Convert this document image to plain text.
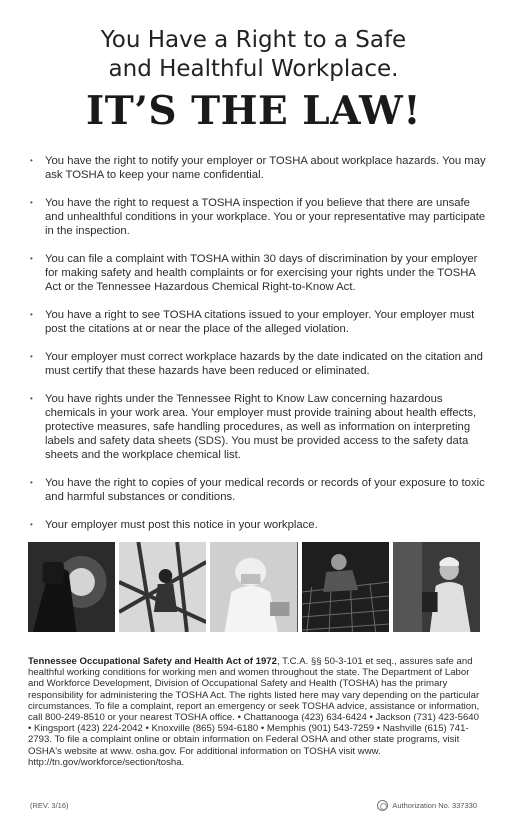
You Have a Right to a Safe
and Healthful Workplace.
IT’S THE LAW!
• You have the right to notify your employer or TOSHA about workplace hazards. You may ask TOSHA to keep your name confidential.
• You have the right to request a TOSHA inspection if you believe that there are unsafe and unhealthful conditions in your workplace. You or your representative may participate in the inspection.
• You can file a complaint with TOSHA within 30 days of discrimination by your employer for making safety and health complaints or for exercising your rights under the TOSHA Act or the Tennessee Hazardous Chemical Right-to-Know Act.
• You have a right to see TOSHA citations issued to your employer. Your employer must post the citations at or near the place of the alleged violation.
• Your employer must correct workplace hazards by the date indicated on the citation and must certify that these hazards have been reduced or eliminated.
• You have rights under the Tennessee Right to Know Law concerning hazardous chemicals in your work area. Your employer must provide training about health effects, protective measures, safe handling procedures, as well as information on interpreting labels and safety data sheets (SDS). You must be provided access to the safety data sheets and the workplace chemical list.
• You have the right to copies of your medical records or records of your exposure to toxic and harmful substances or conditions.
• Your employer must post this notice in your workplace.
Tennessee Occupational Safety and Health Act of 1972, T.C.A. §§ 50-3-101 et seq., assures safe and healthful working conditions for working men and women throughout the state. The Department of Labor and Workforce Development, Division of Occupational Safety and Health (TOSHA) has the primary responsibility for administering the TOSHA Act. The rights listed here may vary depending on the particular circumstances. To file a complaint, report an emergency or seek TOSHA advice, assistance or information, call 800-249-8510 or your nearest TOSHA office. • Chattanooga (423) 634-6424 • Jackson (731) 423-5640 • Kingsport (423) 224-2042 • Knoxville (865) 594-6180 • Memphis (901) 543-7259 • Nashville (615) 741-2793. To file a complaint online or obtain information on Federal OSHA and other state programs, visit OSHA's website at www. osha.gov. For additional information on TOSHA visit www. http://tn.gov/workforce/section/tosha.
(REV. 3/16)	Authorization No. 337330
